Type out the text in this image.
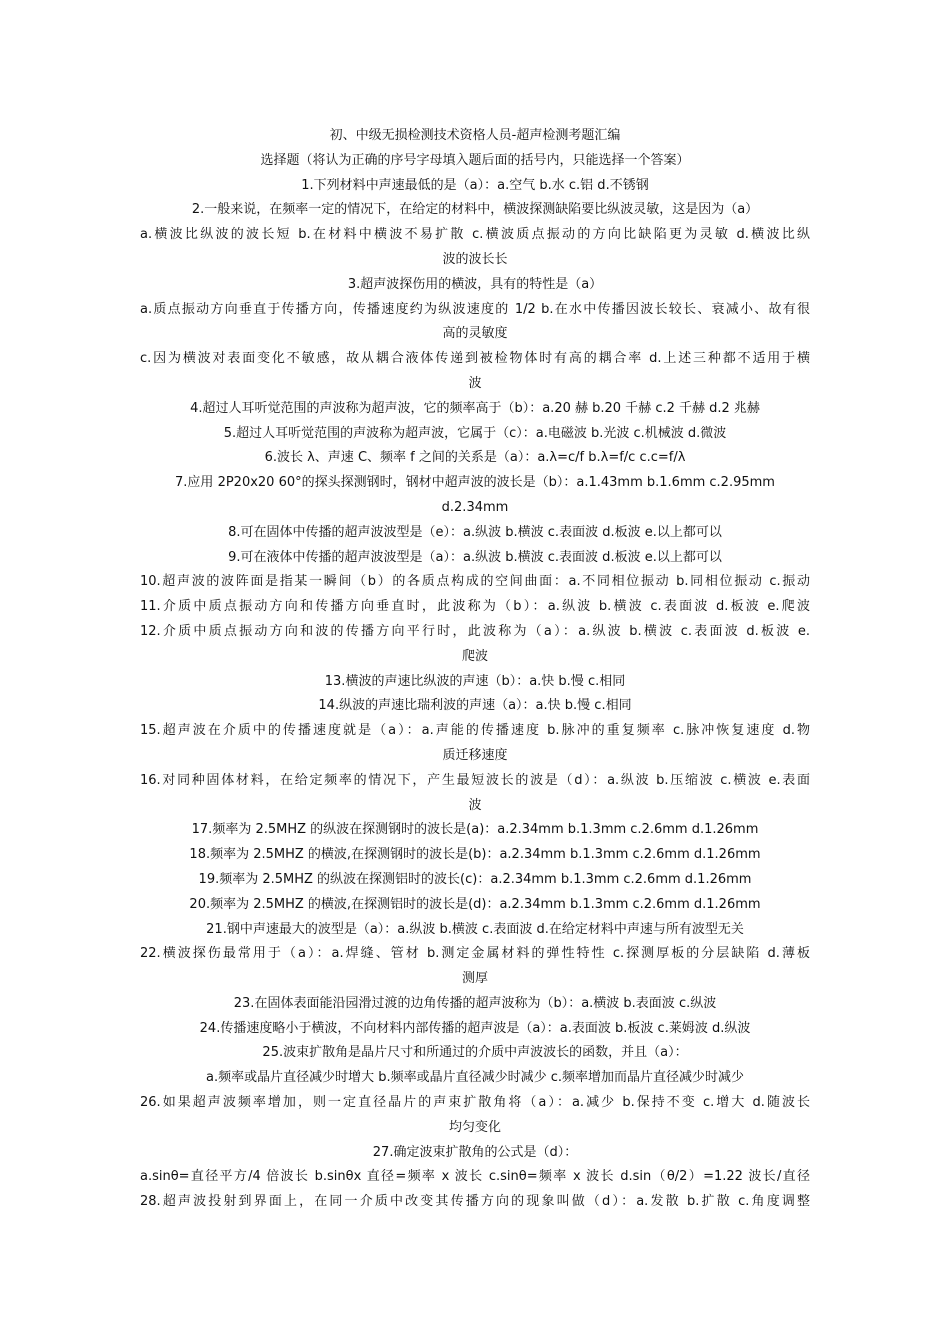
初、中级无损检测技术资格人员-超声检测考题汇编
选择题（将认为正确的序号字母填入题后面的括号内，只能选择一个答案）
1.下列材料中声速最低的是（a）：a.空气 b.水 c.铝 d.不锈钢
2.一般来说，在频率一定的情况下，在给定的材料中，横波探测缺陷要比纵波灵敏，这是因为（a）
a.横波比纵波的波长短 b.在材料中横波不易扩散 c.横波质点振动的方向比缺陷更为灵敏 d.横波比纵
波的波长长
3.超声波探伤用的横波，具有的特性是（a）
a.质点振动方向垂直于传播方向，传播速度约为纵波速度的 1/2 b.在水中传播因波长较长、衰减小、故有很
高的灵敏度
c.因为横波对表面变化不敏感，故从耦合液体传递到被检物体时有高的耦合率 d.上述三种都不适用于横
波
4.超过人耳听觉范围的声波称为超声波，它的频率高于（b）：a.20 赫 b.20 千赫 c.2 千赫 d.2 兆赫
5.超过人耳听觉范围的声波称为超声波，它属于（c）：a.电磁波 b.光波 c.机械波 d.微波
6.波长 λ、声速 C、频率 f 之间的关系是（a）：a.λ=c/f b.λ=f/c c.c=f/λ
7.应用 2P20x20 60°的探头探测钢时，钢材中超声波的波长是（b）：a.1.43mm b.1.6mm c.2.95mm
d.2.34mm
8.可在固体中传播的超声波波型是（e）：a.纵波 b.横波 c.表面波 d.板波 e.以上都可以
9.可在液体中传播的超声波波型是（a）：a.纵波 b.横波 c.表面波 d.板波 e.以上都可以
10.超声波的波阵面是指某一瞬间（b）的各质点构成的空间曲面：a.不同相位振动 b.同相位振动 c.振动
11.介质中质点振动方向和传播方向垂直时，此波称为（b）：a.纵波 b.横波 c.表面波 d.板波 e.爬波
12.介质中质点振动方向和波的传播方向平行时，此波称为（a）：a.纵波 b.横波 c.表面波 d.板波 e.
爬波
13.横波的声速比纵波的声速（b）：a.快 b.慢 c.相同
14.纵波的声速比瑞利波的声速（a）：a.快 b.慢 c.相同
15.超声波在介质中的传播速度就是（a）：a.声能的传播速度 b.脉冲的重复频率 c.脉冲恢复速度 d.物
质迁移速度
16.对同种固体材料，在给定频率的情况下，产生最短波长的波是（d）：a.纵波 b.压缩波 c.横波 e.表面
波
17.频率为 2.5MHZ 的纵波在探测钢时的波长是(a)：a.2.34mm b.1.3mm c.2.6mm d.1.26mm
18.频率为 2.5MHZ 的横波,在探测钢时的波长是(b)：a.2.34mm b.1.3mm c.2.6mm d.1.26mm
19.频率为 2.5MHZ 的纵波在探测铝时的波长(c)：a.2.34mm b.1.3mm c.2.6mm d.1.26mm
20.频率为 2.5MHZ 的横波,在探测铝时的波长是(d)：a.2.34mm b.1.3mm c.2.6mm d.1.26mm
21.钢中声速最大的波型是（a）：a.纵波 b.横波 c.表面波 d.在给定材料中声速与所有波型无关
22.横波探伤最常用于（a）：a.焊缝、管材 b.测定金属材料的弹性特性 c.探测厚板的分层缺陷 d.薄板
测厚
23.在固体表面能沿园滑过渡的边角传播的超声波称为（b）：a.横波 b.表面波 c.纵波
24.传播速度略小于横波，不向材料内部传播的超声波是（a）：a.表面波 b.板波 c.莱姆波 d.纵波
25.波束扩散角是晶片尺寸和所通过的介质中声波波长的函数，并且（a）：
a.频率或晶片直径减少时增大 b.频率或晶片直径减少时减少 c.频率增加而晶片直径减少时减少
26.如果超声波频率增加，则一定直径晶片的声束扩散角将（a）：a.减少 b.保持不变 c.增大 d.随波长
均匀变化
27.确定波束扩散角的公式是（d）：
a.sinθ=直径平方/4 倍波长 b.sinθx 直径=频率 x 波长 c.sinθ=频率 x 波长 d.sin（θ/2）=1.22 波长/直径
28.超声波投射到界面上，在同一介质中改变其传播方向的现象叫做（d）：a.发散 b.扩散 c.角度调整
